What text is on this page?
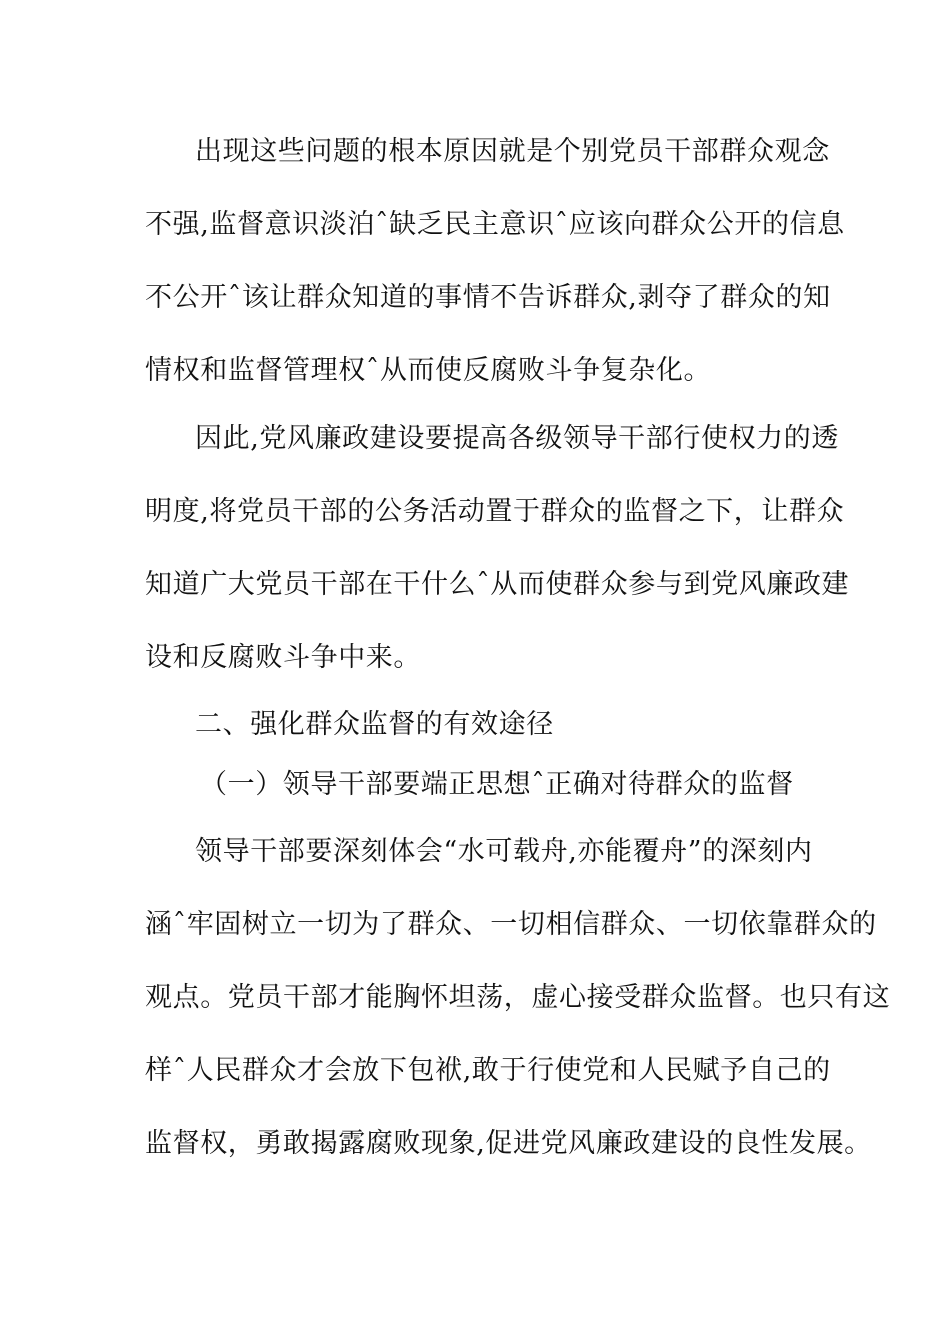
出现这些问题的根本原因就是个别党员干部群众观念
不强,监督意识淡泊ˆ缺乏民主意识ˆ应该向群众公开的信息
不公开ˆ该让群众知道的事情不告诉群众,剥夺了群众的知
情权和监督管理权ˆ从而使反腐败斗争复杂化。
因此,党风廉政建设要提高各级领导干部行使权力的透
明度,将党员干部的公务活动置于群众的监督之下，让群众
知道广大党员干部在干什么ˆ从而使群众参与到党风廉政建
设和反腐败斗争中来。
二、强化群众监督的有效途径
（一）领导干部要端正思想ˆ正确对待群众的监督
领导干部要深刻体会“水可载舟,亦能覆舟”的深刻内
涵ˆ牢固树立一切为了群众、一切相信群众、一切依靠群众的
观点。党员干部才能胸怀坦荡，虚心接受群众监督。也只有这
样ˆ人民群众才会放下包袱,敢于行使党和人民赋予自己的
监督权，勇敢揭露腐败现象,促进党风廉政建设的良性发展。
